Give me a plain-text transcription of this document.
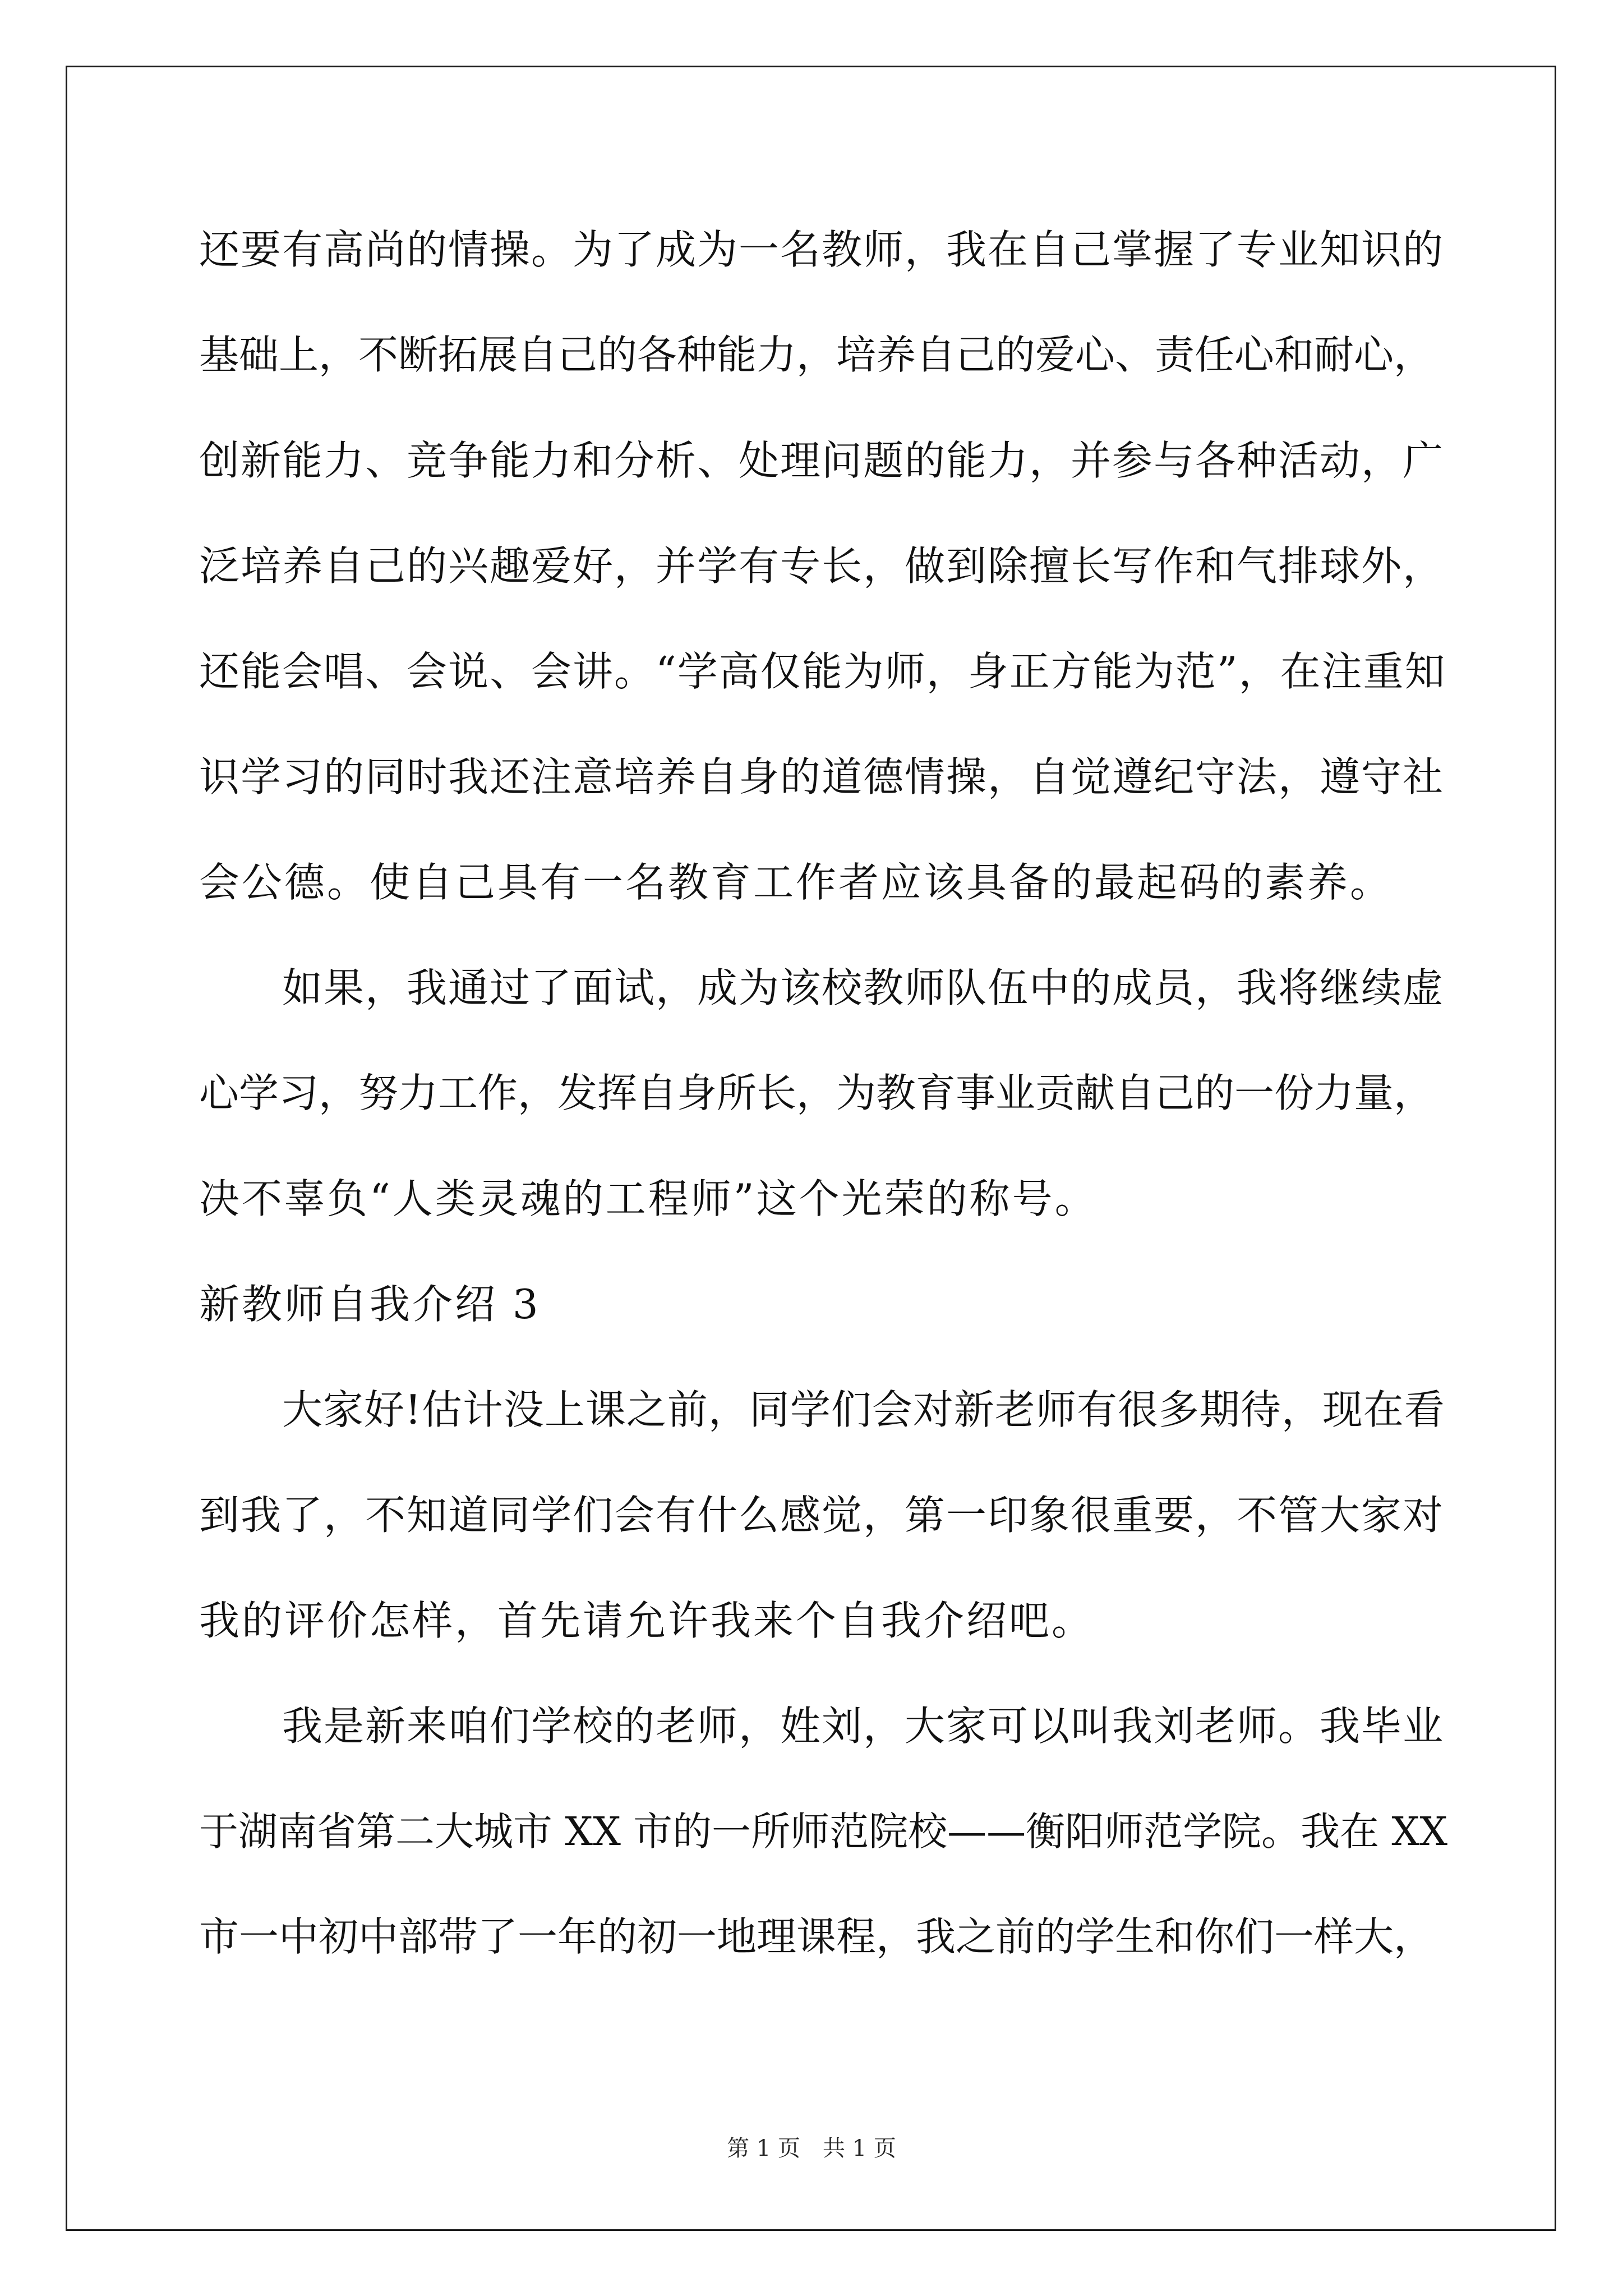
还要有高尚的情操。为了成为一名教师，我在自己掌握了专业知识的
基础上，不断拓展自己的各种能力，培养自己的爱心、责任心和耐心，
创新能力、竞争能力和分析、处理问题的能力，并参与各种活动，广
泛培养自己的兴趣爱好，并学有专长，做到除擅长写作和气排球外，
还能会唱、会说、会讲。“学高仅能为师，身正方能为范”，在注重知
识学习的同时我还注意培养自身的道德情操，自觉遵纪守法，遵守社
会公德。使自己具有一名教育工作者应该具备的最起码的素养。
如果，我通过了面试，成为该校教师队伍中的成员，我将继续虚
心学习，努力工作，发挥自身所长，为教育事业贡献自己的一份力量，
决不辜负“人类灵魂的工程师”这个光荣的称号。
新教师自我介绍 3
大家好!估计没上课之前，同学们会对新老师有很多期待，现在看
到我了，不知道同学们会有什么感觉，第一印象很重要，不管大家对
我的评价怎样，首先请允许我来个自我介绍吧。
我是新来咱们学校的老师，姓刘，大家可以叫我刘老师。我毕业
于湖南省第二大城市 XX 市的一所师范院校——衡阳师范学院。我在 XX
市一中初中部带了一年的初一地理课程，我之前的学生和你们一样大，
第 1 页　共 1 页
